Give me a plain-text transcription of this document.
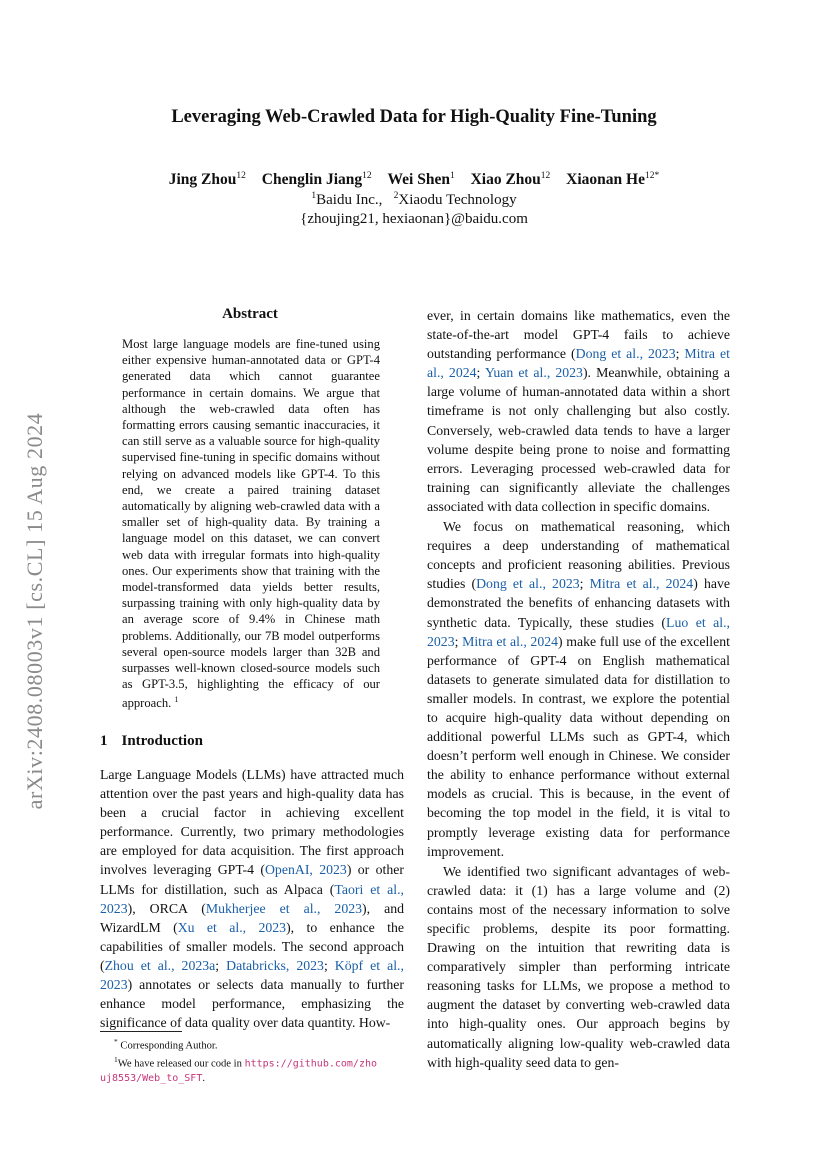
arXiv:2408.08003v1 [cs.CL] 15 Aug 2024
Leveraging Web-Crawled Data for High-Quality Fine-Tuning
Jing Zhou$^{12}$ Chenglin Jiang$^{12}$ Wei Shen$^1$ Xiao Zhou$^{12}$ Xiaonan $He^{12*}$
$^1$Baidu Inc., $^2$Xiaodu Technology
{zhoujing21, hexiaonan}@baidu.com
Abstract

Most large language models are fine-tuned using either expensive human-annotated data or GPT-4 generated data which cannot guarantee performance in certain domains. We argue that although the web-crawled data often has formatting errors causing semantic inaccuracies, it can still serve as a valuable source for high-quality supervised fine-tuning in specific domains without relying on advanced models like GPT-4. To this end, we create a paired training dataset automatically by aligning web-crawled data with a smaller set of high-quality data. By training a language model on this dataset, we can convert web data with irregular formats into high-quality ones. Our experiments show that training with the model-transformed data yields better results, surpassing training with only high-quality data by an average score of 9.4% in Chinese math problems. Additionally, our 7B model outperforms several open-source models larger than 32B and surpasses well-known closed-source models such as GPT-3.5, highlighting the efficacy of our approach. $^1$

1 Introduction

Large Language Models (LLMs) have attracted much attention over the past years and high-quality data has been a crucial factor in achieving excellent performance. Currently, two primary methodologies are employed for data acquisition. The first approach involves leveraging GPT-4 (OpenAI, 2023) or other LLMs for distillation, such as Alpaca (Taori et al., 2023), ORCA (Mukherjee et al., 2023), and WizardLM (Xu et al., 2023), to enhance the capabilities of smaller models. The second approach (Zhou et al., 2023a; Databricks, 2023; Köpf et al., 2023) annotates or selects data manually to further enhance model performance, emphasizing the significance of data quality over data quantity. How-

ever, in certain domains like mathematics, even the state-of-the-art model GPT-4 fails to achieve outstanding performance (Dong et al., 2023; Mitra et al., 2024; Yuan et al., 2023). Meanwhile, obtaining a large volume of human-annotated data within a short timeframe is not only challenging but also costly. Conversely, web-crawled data tends to have a larger volume despite being prone to noise and formatting errors. Leveraging processed web-crawled data for training can significantly alleviate the challenges associated with data collection in specific domains.

We focus on mathematical reasoning, which requires a deep understanding of mathematical concepts and proficient reasoning abilities. Previous studies (Dong et al., 2023; Mitra et al., 2024) have demonstrated the benefits of enhancing datasets with synthetic data. Typically, these studies (Luo et al., 2023; Mitra et al., 2024) make full use of the excellent performance of GPT-4 on English mathematical datasets to generate simulated data for distillation to smaller models. In contrast, we explore the potential to acquire high-quality data without depending on additional powerful LLMs such as GPT-4, which doesn’t perform well enough in Chinese. We consider the ability to enhance performance without external models as crucial. This is because, in the event of becoming the top model in the field, it is vital to promptly leverage existing data for performance improvement.

We identified two significant advantages of web-crawled data: it (1) has a large volume and (2) contains most of the necessary information to solve specific problems, despite its poor formatting. Drawing on the intuition that rewriting data is comparatively simpler than performing intricate reasoning tasks for LLMs, we propose a method to augment the dataset by converting web-crawled data into high-quality ones. Our approach begins by automatically aligning low-quality web-crawled data with high-quality seed data to gen-

* Corresponding Author.
$^1$We have released our code in https://github.com/zho
uj8553/Web_to_SFT.
